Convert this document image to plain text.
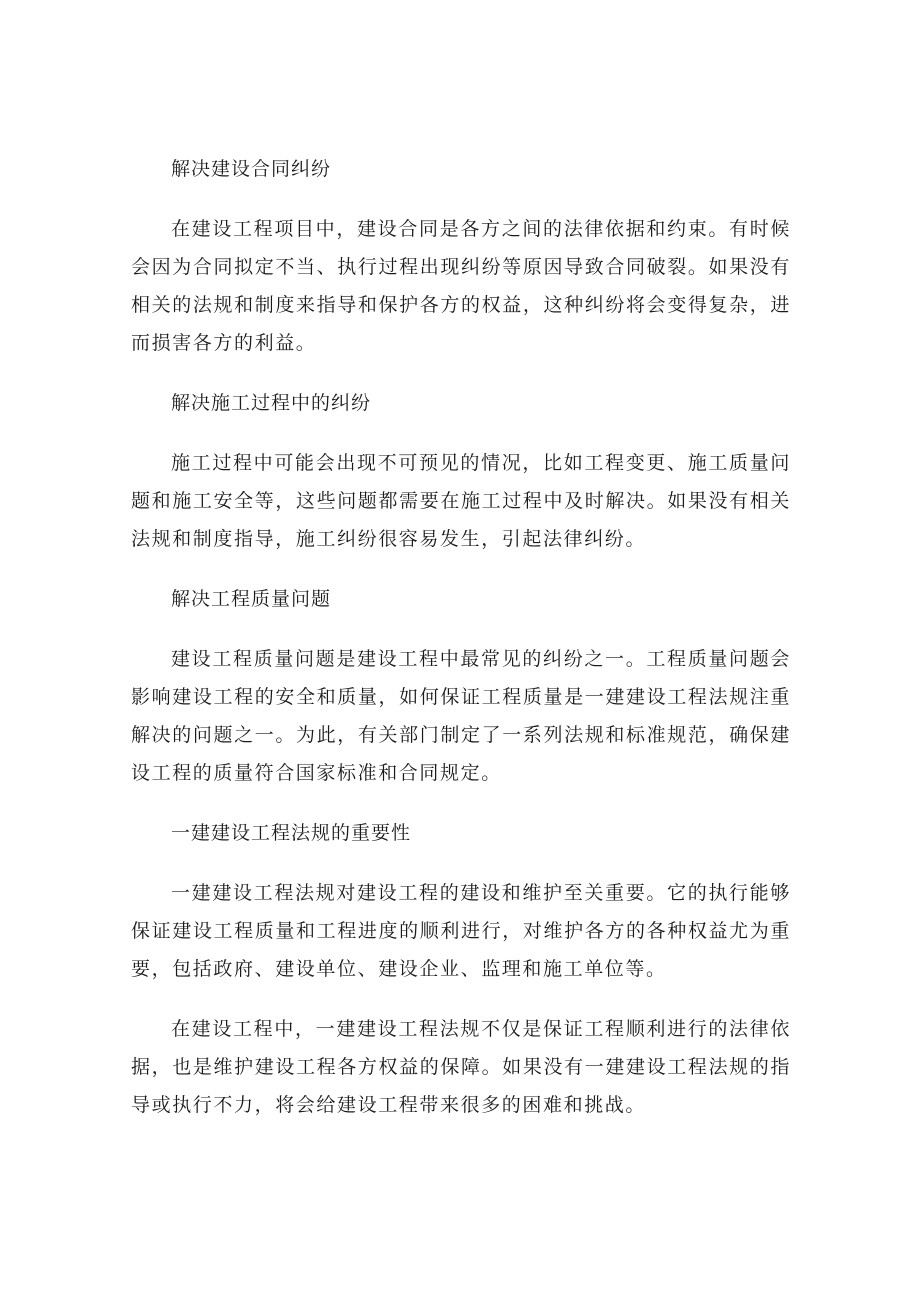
解决建设合同纠纷

在建设工程项目中，建设合同是各方之间的法律依据和约束。有时候会因为合同拟定不当、执行过程出现纠纷等原因导致合同破裂。如果没有相关的法规和制度来指导和保护各方的权益，这种纠纷将会变得复杂，进而损害各方的利益。

解决施工过程中的纠纷

施工过程中可能会出现不可预见的情况，比如工程变更、施工质量问题和施工安全等，这些问题都需要在施工过程中及时解决。如果没有相关法规和制度指导，施工纠纷很容易发生，引起法律纠纷。

解决工程质量问题

建设工程质量问题是建设工程中最常见的纠纷之一。工程质量问题会影响建设工程的安全和质量，如何保证工程质量是一建建设工程法规注重解决的问题之一。为此，有关部门制定了一系列法规和标准规范，确保建设工程的质量符合国家标准和合同规定。

一建建设工程法规的重要性

一建建设工程法规对建设工程的建设和维护至关重要。它的执行能够保证建设工程质量和工程进度的顺利进行，对维护各方的各种权益尤为重要，包括政府、建设单位、建设企业、监理和施工单位等。

在建设工程中，一建建设工程法规不仅是保证工程顺利进行的法律依据，也是维护建设工程各方权益的保障。如果没有一建建设工程法规的指导或执行不力，将会给建设工程带来很多的困难和挑战。
